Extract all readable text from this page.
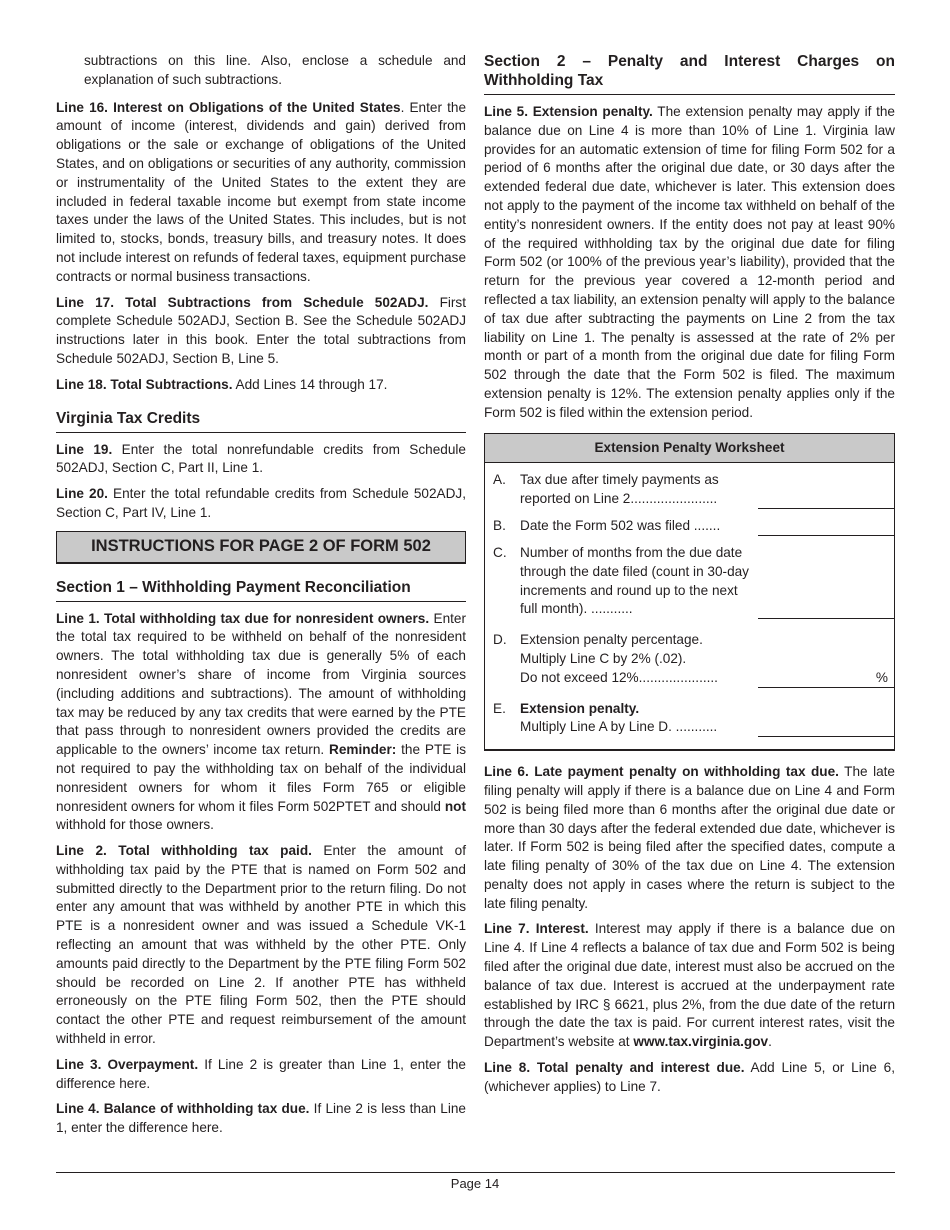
subtractions on this line. Also, enclose a schedule and explanation of such subtractions.

Line 16. Interest on Obligations of the United States. Enter the amount of income (interest, dividends and gain) derived from obligations or the sale or exchange of obligations of the United States, and on obligations or securities of any authority, commission or instrumentality of the United States to the extent they are included in federal taxable income but exempt from state income taxes under the laws of the United States. This includes, but is not limited to, stocks, bonds, treasury bills, and treasury notes. It does not include interest on refunds of federal taxes, equipment purchase contracts or normal business transactions.

Line 17. Total Subtractions from Schedule 502ADJ. First complete Schedule 502ADJ, Section B. See the Schedule 502ADJ instructions later in this book. Enter the total subtractions from Schedule 502ADJ, Section B, Line 5.

Line 18. Total Subtractions. Add Lines 14 through 17.

Virginia Tax Credits

Line 19. Enter the total nonrefundable credits from Schedule 502ADJ, Section C, Part II, Line 1.

Line 20. Enter the total refundable credits from Schedule 502ADJ, Section C, Part IV, Line 1.

INSTRUCTIONS FOR PAGE 2 OF FORM 502
Section 1 – Withholding Payment Reconciliation

Line 1. Total withholding tax due for nonresident owners. Enter the total tax required to be withheld on behalf of the nonresident owners. The total withholding tax due is generally 5% of each nonresident owner’s share of income from Virginia sources (including additions and subtractions). The amount of withholding tax may be reduced by any tax credits that were earned by the PTE that pass through to nonresident owners provided the credits are applicable to the owners’ income tax return. Reminder: the PTE is not required to pay the withholding tax on behalf of the individual nonresident owners for whom it files Form 765 or eligible nonresident owners for whom it files Form 502PTET and should not withhold for those owners.

Line 2. Total withholding tax paid. Enter the amount of withholding tax paid by the PTE that is named on Form 502 and submitted directly to the Department prior to the return filing. Do not enter any amount that was withheld by another PTE in which this PTE is a nonresident owner and was issued a Schedule VK-1 reflecting an amount that was withheld by the other PTE. Only amounts paid directly to the Department by the PTE filing Form 502 should be recorded on Line 2. If another PTE has withheld erroneously on the PTE filing Form 502, then the PTE should contact the other PTE and request reimbursement of the amount withheld in error.

Line 3. Overpayment. If Line 2 is greater than Line 1, enter the difference here.

Line 4. Balance of withholding tax due. If Line 2 is less than Line 1, enter the difference here.

Section 2 – Penalty and Interest Charges on Withholding Tax

Line 5. Extension penalty. The extension penalty may apply if the balance due on Line 4 is more than 10% of Line 1. Virginia law provides for an automatic extension of time for filing Form 502 for a period of 6 months after the original due date, or 30 days after the extended federal due date, whichever is later. This extension does not apply to the payment of the income tax withheld on behalf of the entity’s nonresident owners. If the entity does not pay at least 90% of the required withholding tax by the original due date for filing Form 502 (or 100% of the previous year’s liability), provided that the return for the previous year covered a 12-month period and reflected a tax liability, an extension penalty will apply to the balance of tax due after subtracting the payments on Line 2 from the tax liability on Line 1. The penalty is assessed at the rate of 2% per month or part of a month from the original due date for filing Form 502 through the date that the Form 502 is filed. The maximum extension penalty is 12%. The extension penalty applies only if the Form 502 is filed within the extension period.

Extension Penalty Worksheet
A.	Tax due after timely payments as reported on Line 2.......................
B.	Date the Form 502 was filed .......
C. Number of months from the due date through the date filed (count in 30-day increments and round up to the next full month). ...........
D. Extension penalty percentage.
Multiply Line C by 2% (.02).
Do not exceed 12%.....................	%
E.	Extension penalty.
Multiply Line A by Line D. ...........

Line 6. Late payment penalty on withholding tax due. The late filing penalty will apply if there is a balance due on Line 4 and Form 502 is being filed more than 6 months after the original due date or more than 30 days after the federal extended due date, whichever is later. If Form 502 is being filed after the specified dates, compute a late filing penalty of 30% of the tax due on Line 4. The extension penalty does not apply in cases where the return is subject to the late filing penalty.

Line 7. Interest. Interest may apply if there is a balance due on Line 4. If Line 4 reflects a balance of tax due and Form 502 is being filed after the original due date, interest must also be accrued on the balance of tax due. Interest is accrued at the underpayment rate established by IRC § 6621, plus 2%, from the due date of the return through the date the tax is paid. For current interest rates, visit the Department’s website at www.tax.virginia.gov.

Line 8. Total penalty and interest due. Add Line 5, or Line 6, (whichever applies) to Line 7.

Page 14
